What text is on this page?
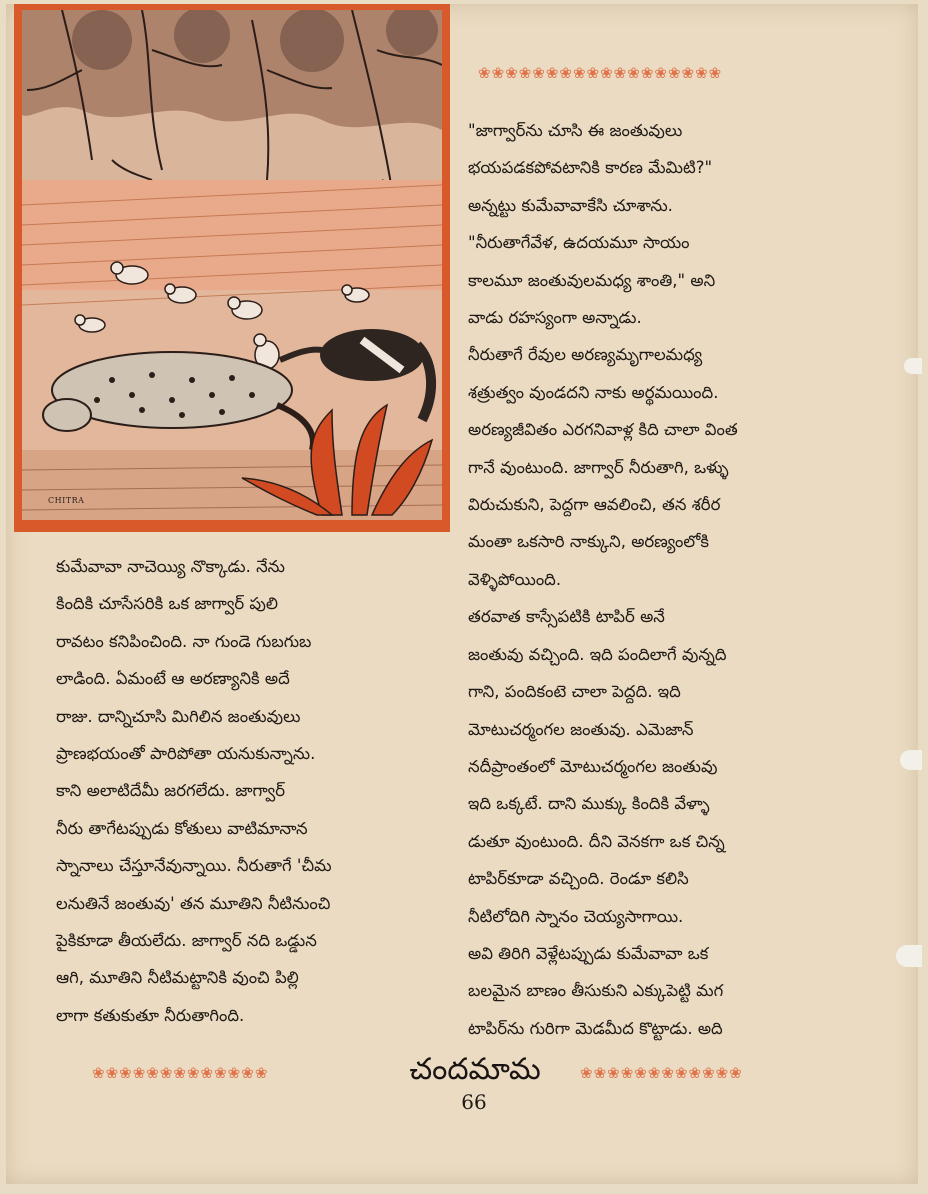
CHITRA
❀❀❀❀❀❀❀❀❀❀❀❀❀❀❀❀❀❀

"జాగ్వార్‌ను చూసి ఈ జంతువులు
భయపడకపోవటానికి కారణ మేమిటి?"
అన్నట్టు కుమేవావాకేసి చూశాను.

"నీరుతాగేవేళ, ఉదయమూ సాయం
కాలమూ జంతువులమధ్య శాంతి," అని
వాడు రహస్యంగా అన్నాడు.

నీరుతాగే రేవుల అరణ్యమృగాలమధ్య
శత్రుత్వం వుండదని నాకు అర్థమయింది.
అరణ్యజీవితం ఎరగనివాళ్ల కిది చాలా వింత
గానే వుంటుంది. జాగ్వార్ నీరుతాగి, ఒళ్ళు
విరుచుకుని, పెద్దగా ఆవలించి, తన శరీర
మంతా ఒకసారి నాక్కుని, అరణ్యంలోకి
వెళ్ళిపోయింది.

తరవాత కాస్సేపటికి టాపిర్ అనే
జంతువు వచ్చింది. ఇది పందిలాగే వున్నది
గాని, పందికంటె చాలా పెద్దది. ఇది
మోటుచర్మంగల జంతువు. ఎమెజాన్
నదీప్రాంతంలో మోటుచర్మంగల జంతువు
ఇది ఒక్కటే. దాని ముక్కు కిందికి వేళ్ళా
డుతూ వుంటుంది. దీని వెనకగా ఒక చిన్న
టాపిర్‌కూడా వచ్చింది. రెండూ కలిసి
నీటిలోదిగి స్నానం చెయ్యసాగాయి.

అవి తిరిగి వెళ్లేటప్పుడు కుమేవావా ఒక
బలమైన బాణం తీసుకుని ఎక్కుపెట్టి మగ
టాపిర్‌ను గురిగా మెడమీద కొట్టాడు. అది

కుమేవావా నాచెయ్యి నొక్కాడు. నేను
కిందికి చూసేసరికి ఒక జాగ్వార్ పులి
రావటం కనిపించింది. నా గుండె గుబగుబ
లాడింది. ఏమంటే ఆ అరణ్యానికి అదే
రాజు. దాన్నిచూసి మిగిలిన జంతువులు
ప్రాణభయంతో పారిపోతా యనుకున్నాను.
కాని అలాటిదేమీ జరగలేదు. జాగ్వార్
నీరు తాగేటప్పుడు కోతులు వాటిమానాన
స్నానాలు చేస్తూనేవున్నాయి. నీరుతాగే 'చీమ
లనుతినే జంతువు' తన మూతిని నీటినుంచి
పైకికూడా తీయలేదు. జాగ్వార్ నది ఒడ్డున
ఆగి, మూతిని నీటిమట్టానికి వుంచి పిల్లి
లాగా కతుకుతూ నీరుతాగింది.

❀❀❀❀❀❀❀❀❀❀❀❀❀	చందమామ	❀❀❀❀❀❀❀❀❀❀❀❀
66
